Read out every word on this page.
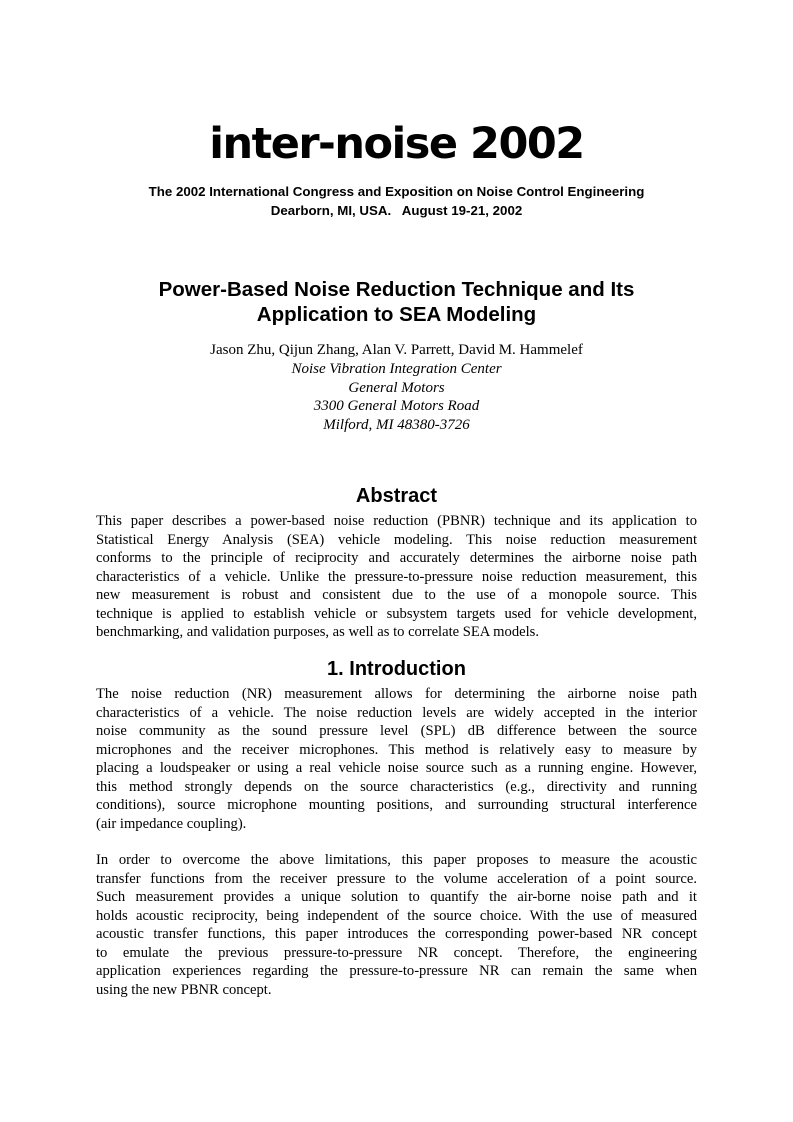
inter-noise 2002
The 2002 International Congress and Exposition on Noise Control Engineering
Dearborn, MI, USA.   August 19-21, 2002
Power-Based Noise Reduction Technique and Its
Application to SEA Modeling
Jason Zhu, Qijun Zhang, Alan V. Parrett, David M. Hammelef
Noise Vibration Integration Center
General Motors
3300 General Motors Road
Milford, MI 48380-3726
Abstract
This paper describes a power-based noise reduction (PBNR) technique and its application to
Statistical Energy Analysis (SEA) vehicle modeling. This noise reduction measurement
conforms to the principle of reciprocity and accurately determines the airborne noise path
characteristics of a vehicle. Unlike the pressure-to-pressure noise reduction measurement, this
new measurement is robust and consistent due to the use of a monopole source. This
technique is applied to establish vehicle or subsystem targets used for vehicle development,
benchmarking, and validation purposes, as well as to correlate SEA models.
1. Introduction
The noise reduction (NR) measurement allows for determining the airborne noise path
characteristics of a vehicle. The noise reduction levels are widely accepted in the interior
noise community as the sound pressure level (SPL) dB difference between the source
microphones and the receiver microphones. This method is relatively easy to measure by
placing a loudspeaker or using a real vehicle noise source such as a running engine. However,
this method strongly depends on the source characteristics (e.g., directivity and running
conditions), source microphone mounting positions, and surrounding structural interference
(air impedance coupling).
In order to overcome the above limitations, this paper proposes to measure the acoustic
transfer functions from the receiver pressure to the volume acceleration of a point source.
Such measurement provides a unique solution to quantify the air-borne noise path and it
holds acoustic reciprocity, being independent of the source choice. With the use of measured
acoustic transfer functions, this paper introduces the corresponding power-based NR concept
to emulate the previous pressure-to-pressure NR concept. Therefore, the engineering
application experiences regarding the pressure-to-pressure NR can remain the same when
using the new PBNR concept.
